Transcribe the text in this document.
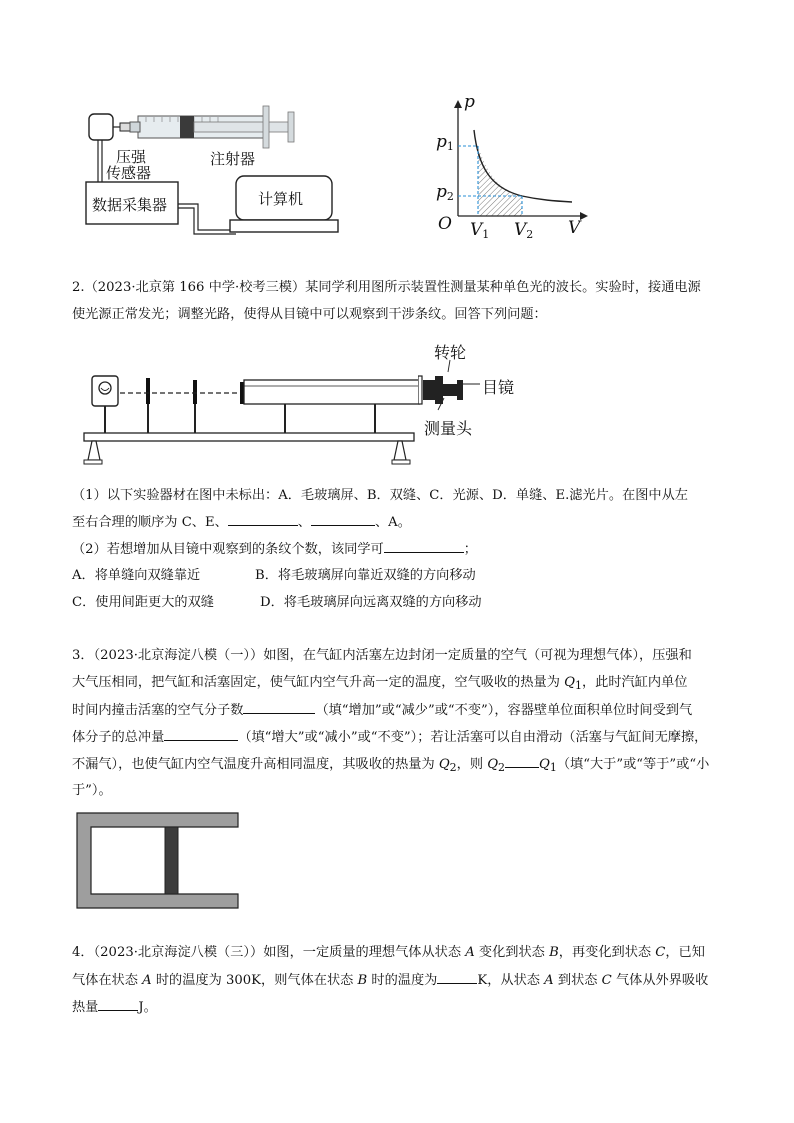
压强
传感器
注射器
数据采集器	计算机
p
V
O
$p_1$
$p_2$
$V_1$ $V_2$
2.（2023·北京第 166 中学·校考三模）某同学利用图所示装置性测量某种单色光的波长。实验时，接通电源
使光源正常发光；调整光路，使得从目镜中可以观察到干涉条纹。回答下列问题：
转轮
目镜
测量头
（1）以下实验器材在图中未标出：A．毛玻璃屏、B．双缝、C．光源、D．单缝、E.滤光片。在图中从左
至右合理的顺序为 C、E、	、	、A。
（2）若想增加从目镜中观察到的条纹个数，该同学可	；
A．将单缝向双缝靠近	B．将毛玻璃屏向靠近双缝的方向移动
C．使用间距更大的双缝	D．将毛玻璃屏向远离双缝的方向移动
3．（2023·北京海淀八模（一））如图，在气缸内活塞左边封闭一定质量的空气（可视为理想气体），压强和
大气压相同，把气缸和活塞固定，使气缸内空气升高一定的温度，空气吸收的热量为 $Q_1$，此时汽缸内单位
时间内撞击活塞的空气分子数	（填“增加”或“减少”或“不变”），容器壁单位面积单位时间受到气
体分子的总冲量	（填“增大”或“减小”或“不变”）；若让活塞可以自由滑动（活塞与气缸间无摩擦，
不漏气），也使气缸内空气温度升高相同温度，其吸收的热量为 $Q_2$，则 $Q_2$	$Q_1$（填“大于”或“等于”或“小
于”）。
4．（2023·北京海淀八模（三））如图，一定质量的理想气体从状态 A 变化到状态 B，再变化到状态 C，已知
气体在状态 A 时的温度为 300K，则气体在状态 B 时的温度为	K，从状态 A 到状态 C 气体从外界吸收
热量	J。
